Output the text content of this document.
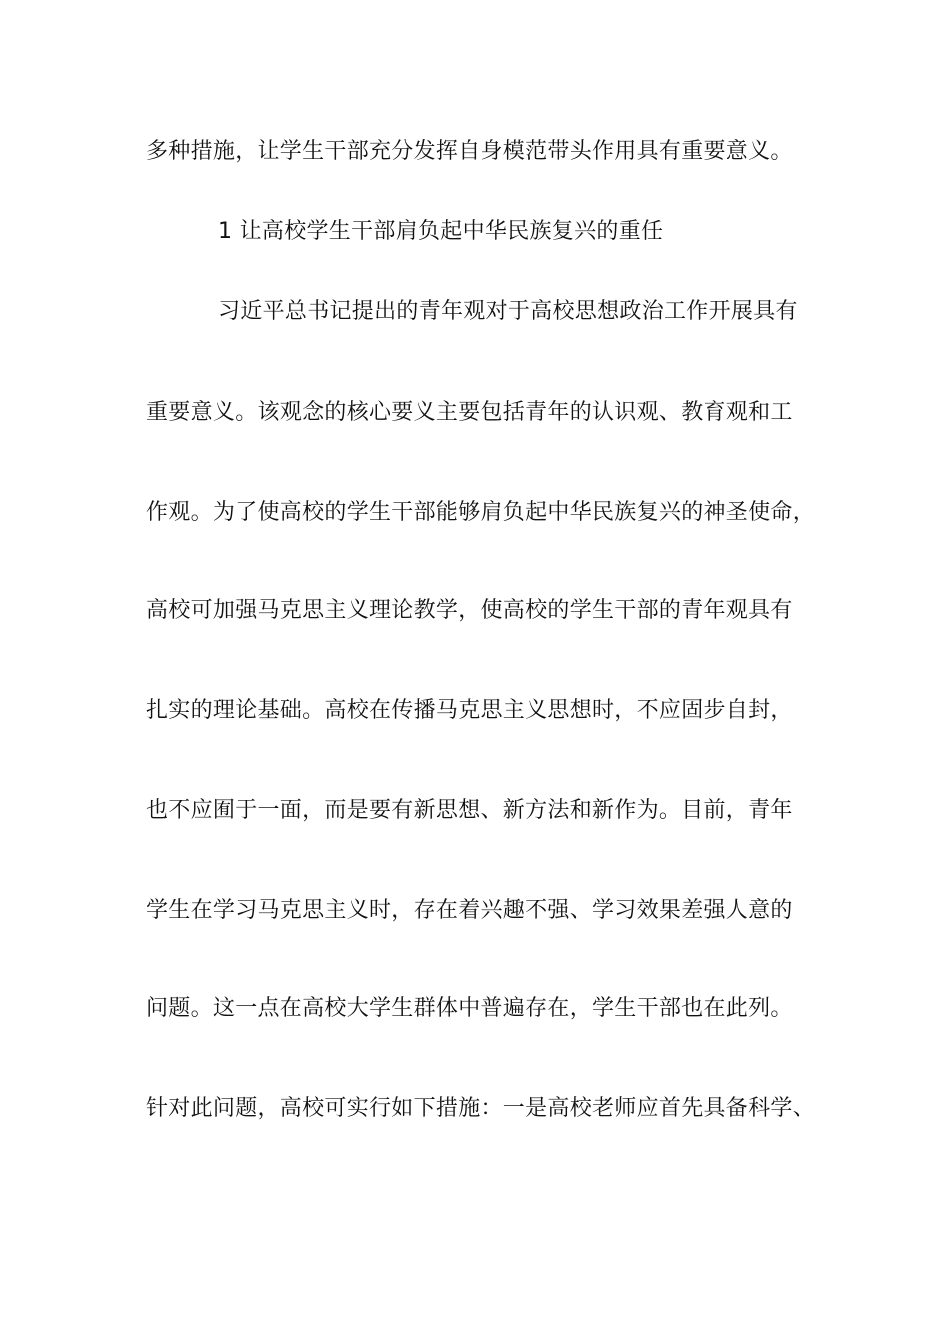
多种措施，让学生干部充分发挥自身模范带头作用具有重要意义。
1 让高校学生干部肩负起中华民族复兴的重任
习近平总书记提出的青年观对于高校思想政治工作开展具有
重要意义。该观念的核心要义主要包括青年的认识观、教育观和工
作观。为了使高校的学生干部能够肩负起中华民族复兴的神圣使命，
高校可加强马克思主义理论教学，使高校的学生干部的青年观具有
扎实的理论基础。高校在传播马克思主义思想时，不应固步自封，
也不应囿于一面，而是要有新思想、新方法和新作为。目前，青年
学生在学习马克思主义时，存在着兴趣不强、学习效果差强人意的
问题。这一点在高校大学生群体中普遍存在，学生干部也在此列。
针对此问题，高校可实行如下措施：一是高校老师应首先具备科学、
